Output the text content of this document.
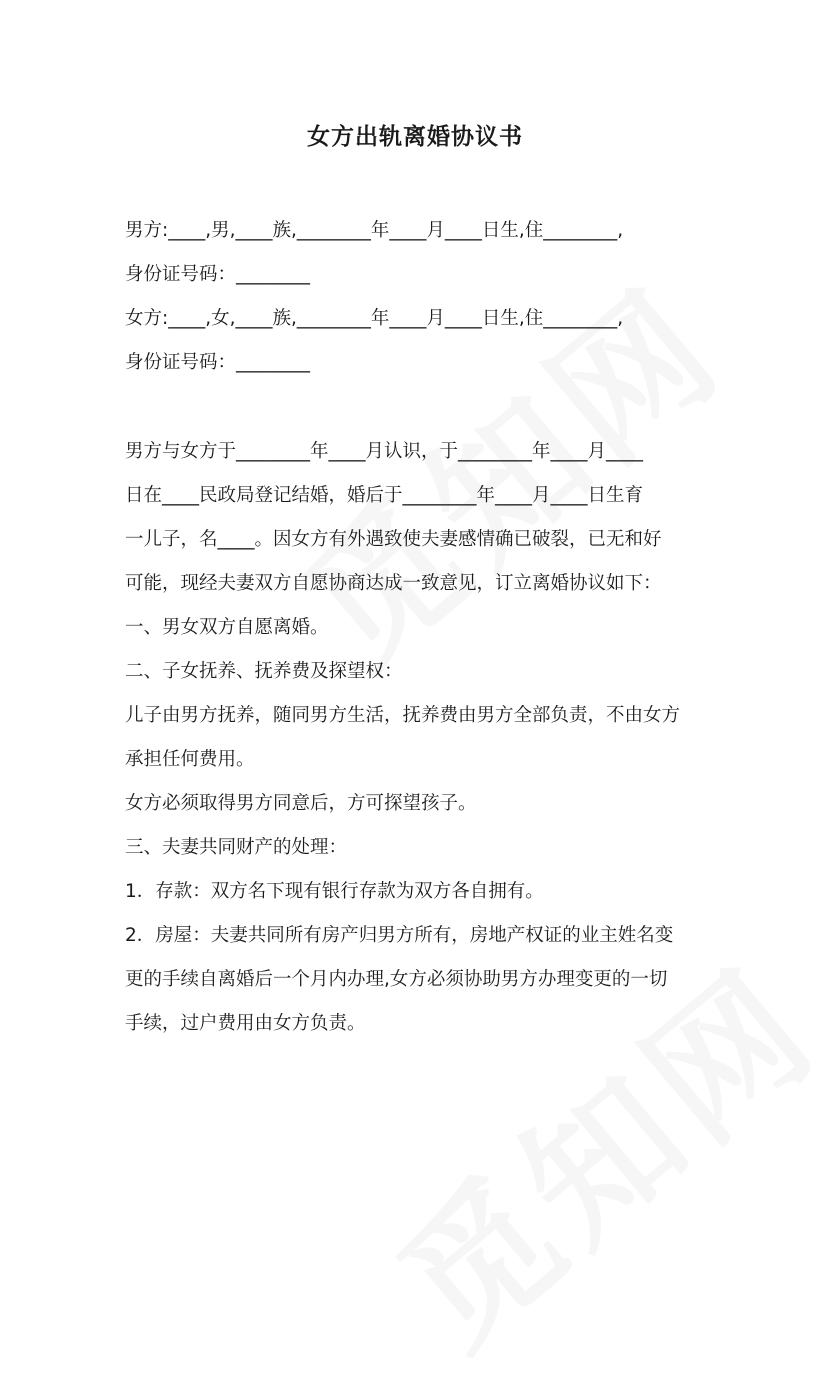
女方出轨离婚协议书
男方:____,男,____族,________年____月____日生,住________,
身份证号码：________
女方:____,女,____族,________年____月____日生,住________,
身份证号码：________
男方与女方于________年____月认识，于________年____月____
日在____民政局登记结婚，婚后于________年____月____日生育
一儿子，名____。因女方有外遇致使夫妻感情确已破裂，已无和好
可能，现经夫妻双方自愿协商达成一致意见，订立离婚协议如下：
一、男女双方自愿离婚。
二、子女抚养、抚养费及探望权：
儿子由男方抚养，随同男方生活，抚养费由男方全部负责，不由女方
承担任何费用。
女方必须取得男方同意后，方可探望孩子。
三、夫妻共同财产的处理：
1．存款：双方名下现有银行存款为双方各自拥有。
2．房屋：夫妻共同所有房产归男方所有，房地产权证的业主姓名变
更的手续自离婚后一个月内办理,女方必须协助男方办理变更的一切
手续，过户费用由女方负责。
